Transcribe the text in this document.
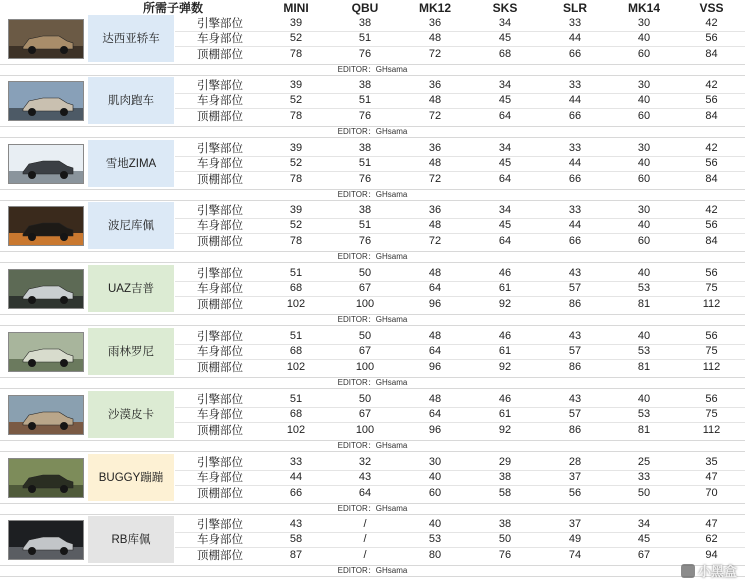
所需子弹数	MINI	QBU	MK12	SKS	SLR	MK14	VSS
达西亚轿车
引擎部位	39	38	36	34	33	30	42
车身部位	52	51	48	45	44	40	56
顶棚部位	78	76	72	68	66	60	84
EDITOR：GHsama
肌肉跑车
引擎部位	39	38	36	34	33	30	42
车身部位	52	51	48	45	44	40	56
顶棚部位	78	76	72	64	66	60	84
EDITOR：GHsama
雪地ZIMA
引擎部位	39	38	36	34	33	30	42
车身部位	52	51	48	45	44	40	56
顶棚部位	78	76	72	64	66	60	84
EDITOR：GHsama
波尼库佩
引擎部位	39	38	36	34	33	30	42
车身部位	52	51	48	45	44	40	56
顶棚部位	78	76	72	64	66	60	84
EDITOR：GHsama
UAZ吉普
引擎部位	51	50	48	46	43	40	56
车身部位	68	67	64	61	57	53	75
顶棚部位	102	100	96	92	86	81	112
EDITOR：GHsama
雨林罗尼
引擎部位	51	50	48	46	43	40	56
车身部位	68	67	64	61	57	53	75
顶棚部位	102	100	96	92	86	81	112
EDITOR：GHsama
沙漠皮卡
引擎部位	51	50	48	46	43	40	56
车身部位	68	67	64	61	57	53	75
顶棚部位	102	100	96	92	86	81	112
EDITOR：GHsama
BUGGY蹦蹦
引擎部位	33	32	30	29	28	25	35
车身部位	44	43	40	38	37	33	47
顶棚部位	66	64	60	58	56	50	70
EDITOR：GHsama
RB库佩
引擎部位	43	/	40	38	37	34	47
车身部位	58	/	53	50	49	45	62
顶棚部位	87	/	80	76	74	67	94
EDITOR：GHsama	小黑盒
